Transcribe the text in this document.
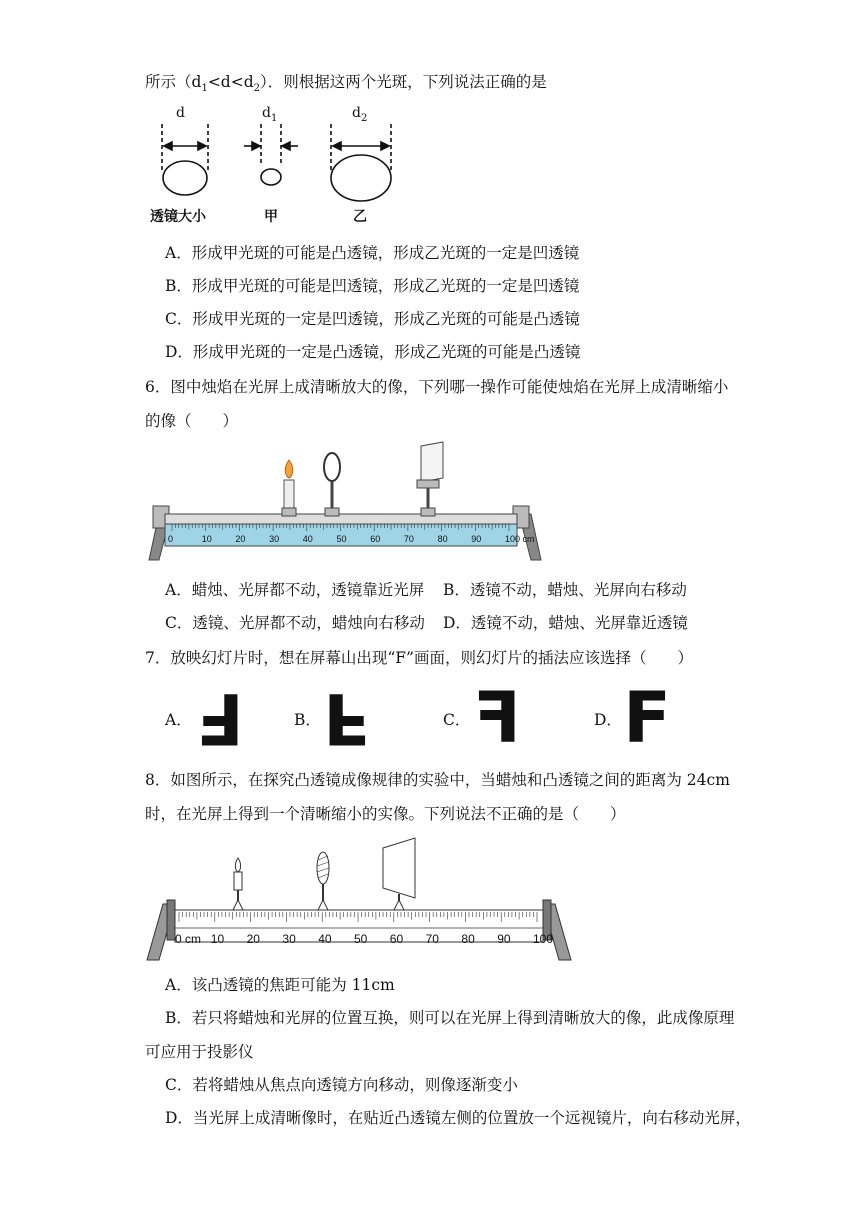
所示$(d_1<d<d_2)$．则根据这两个光斑，下列说法正确的是
d	$d_1$	$d_2$
透镜大小	甲	乙
A．形成甲光斑的可能是凸透镜，形成乙光斑的一定是凹透镜
B．形成甲光斑的可能是凹透镜，形成乙光斑的一定是凹透镜
C．形成甲光斑的一定是凹透镜，形成乙光斑的可能是凸透镜
D．形成甲光斑的一定是凸透镜，形成乙光斑的可能是凸透镜
6．图中烛焰在光屏上成清晰放大的像，下列哪一操作可能使烛焰在光屏上成清晰缩小
的像（　　）
0	10	20	30	40	50	60	70	80	90	100 cm
A．蜡烛、光屏都不动，透镜靠近光屏 B．透镜不动，蜡烛、光屏向右移动
C．透镜、光屏都不动，蜡烛向右移动 D．透镜不动，蜡烛、光屏靠近透镜
7．放映幻灯片时，想在屏幕山出现“F”画面，则幻灯片的插法应该选择（　　）
A． F	B． F	C． F	D． F
8．如图所示，在探究凸透镜成像规律的实验中，当蜡烛和凸透镜之间的距离为 24cm
时，在光屏上得到一个清晰缩小的实像。下列说法不正确的是（　　）
0 cm 10 20 30 40 50 60 70 80 90 100
A．该凸透镜的焦距可能为 11cm
B．若只将蜡烛和光屏的位置互换，则可以在光屏上得到清晰放大的像，此成像原理
可应用于投影仪
C．若将蜡烛从焦点向透镜方向移动，则像逐渐变小
D．当光屏上成清晰像时，在贴近凸透镜左侧的位置放一个远视镜片，向右移动光屏，
